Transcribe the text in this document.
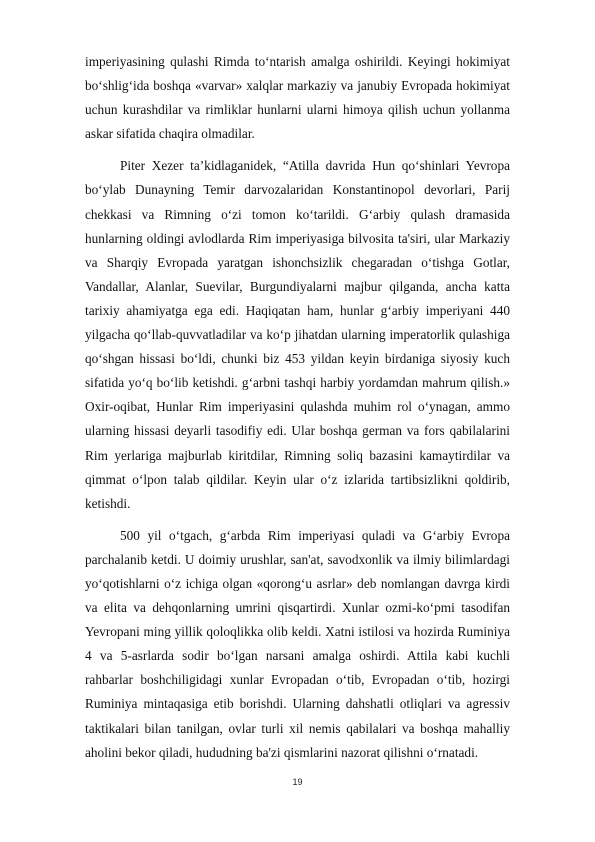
imperiyasining qulashi Rimda to‘ntarish amalga oshirildi. Keyingi hokimiyat bo‘shlig‘ida boshqa «varvar» xalqlar markaziy va janubiy Evropada hokimiyat uchun kurashdilar va rimliklar hunlarni ularni himoya qilish uchun yollanma askar sifatida chaqira olmadilar.

Piter Xezer ta’kidlaganidek, “Atilla davrida Hun qo‘shinlari Yevropa bo‘ylab Dunayning Temir darvozalaridan Konstantinopol devorlari, Parij chekkasi va Rimning o‘zi tomon ko‘tarildi. G‘arbiy qulash dramasida hunlarning oldingi avlodlarda Rim imperiyasiga bilvosita ta'siri, ular Markaziy va Sharqiy Evropada yaratgan ishonchsizlik chegaradan o‘tishga Gotlar, Vandallar, Alanlar, Suevilar, Burgundiyalarni majbur qilganda, ancha katta tarixiy ahamiyatga ega edi. Haqiqatan ham, hunlar g‘arbiy imperiyani 440 yilgacha qo‘llab-quvvatladilar va ko‘p jihatdan ularning imperatorlik qulashiga qo‘shgan hissasi bo‘ldi, chunki biz 453 yildan keyin birdaniga siyosiy kuch sifatida yo‘q bo‘lib ketishdi. g‘arbni tashqi harbiy yordamdan mahrum qilish.» Oxir-oqibat, Hunlar Rim imperiyasini qulashda muhim rol o‘ynagan, ammo ularning hissasi deyarli tasodifiy edi. Ular boshqa german va fors qabilalarini Rim yerlariga majburlab kiritdilar, Rimning soliq bazasini kamaytirdilar va qimmat o‘lpon talab qildilar. Keyin ular o‘z izlarida tartibsizlikni qoldirib, ketishdi.

500 yil o‘tgach, g‘arbda Rim imperiyasi quladi va G‘arbiy Evropa parchalanib ketdi. U doimiy urushlar, san'at, savodxonlik va ilmiy bilimlardagi yo‘qotishlarni o‘z ichiga olgan «qorong‘u asrlar» deb nomlangan davrga kirdi va elita va dehqonlarning umrini qisqartirdi. Xunlar ozmi-ko‘pmi tasodifan Yevropani ming yillik qoloqlikka olib keldi. Xatni istilosi va hozirda Ruminiya 4 va 5-asrlarda sodir bo‘lgan narsani amalga oshirdi. Attila kabi kuchli rahbarlar boshchiligidagi xunlar Evropadan o‘tib, Evropadan o‘tib, hozirgi Ruminiya mintaqasiga etib borishdi. Ularning dahshatli otliqlari va agressiv taktikalari bilan tanilgan, ovlar turli xil nemis qabilalari va boshqa mahalliy aholini bekor qiladi, hududning ba'zi qismlarini nazorat qilishni o‘rnatadi.

19
